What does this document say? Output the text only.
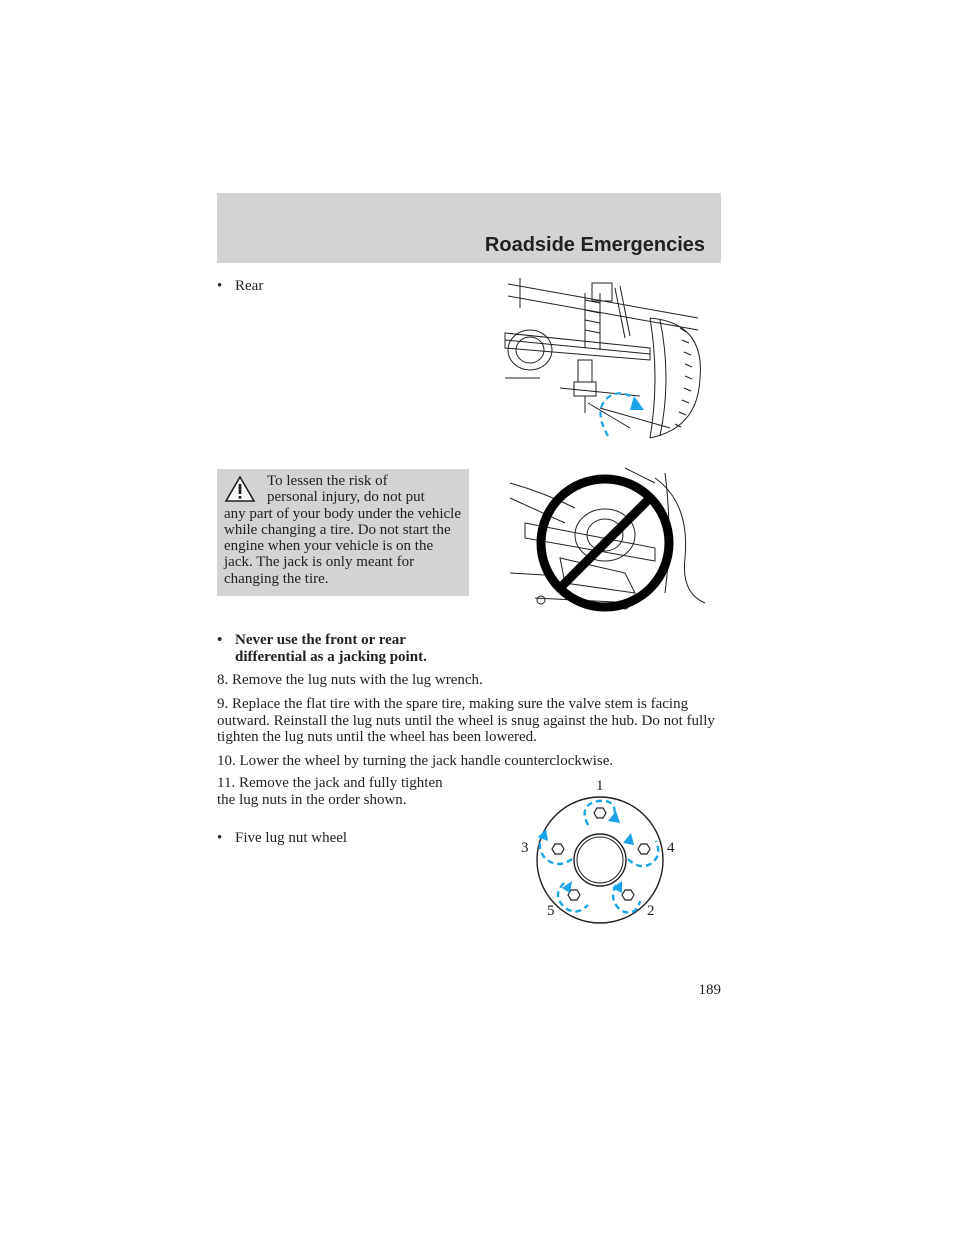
Roadside Emergencies
• Rear
To lessen the risk of
personal injury, do not put
any part of your body under the vehicle while changing a tire. Do not start the engine when your vehicle is on the jack. The jack is only meant for changing the tire.
• Never use the front or rear differential as a jacking point.
8. Remove the lug nuts with the lug wrench.
9. Replace the flat tire with the spare tire, making sure the valve stem is facing outward. Reinstall the lug nuts until the wheel is snug against the hub. Do not fully tighten the lug nuts until the wheel has been lowered.
10. Lower the wheel by turning the jack handle counterclockwise.
11. Remove the jack and fully tighten the lug nuts in the order shown.
• Five lug nut wheel
1
3	4
5	2
189
